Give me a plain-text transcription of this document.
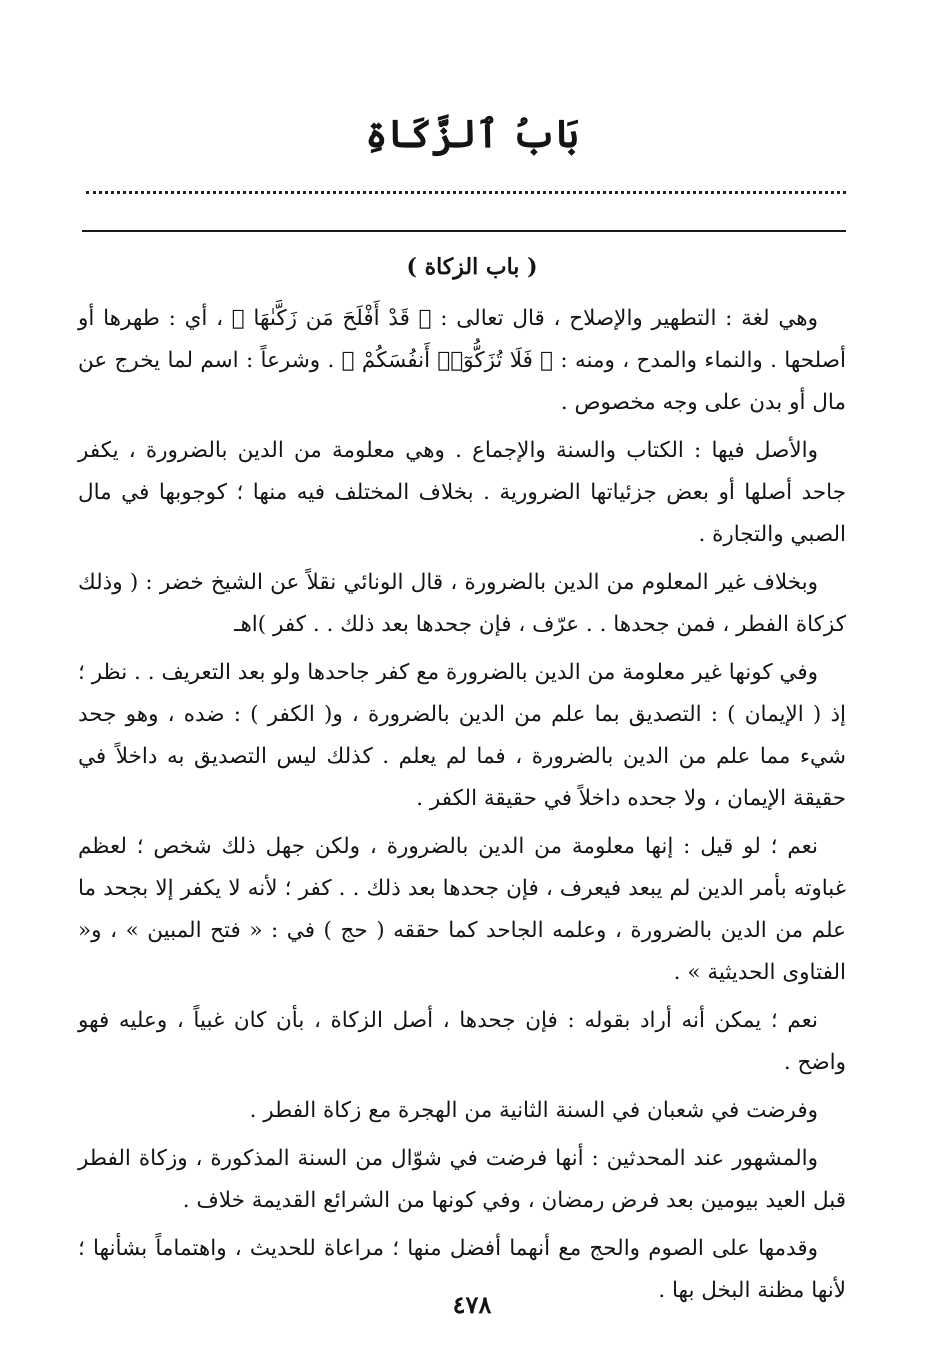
بَابُ ٱلزَّكَاةِ
( باب الزكاة )

وهي لغة : التطهير والإصلاح ، قال تعالى : ﴿ قَدْ أَفْلَحَ مَن زَكَّىٰهَا ﴾ ، أي : طهرها أو أصلحها . والنماء والمدح ، ومنه : ﴿ فَلَا تُزَكُّوٓا۟ أَنفُسَكُمْ ﴾ . وشرعاً : اسم لما يخرج عن مال أو بدن على وجه مخصوص .

والأصل فيها : الكتاب والسنة والإجماع . وهي معلومة من الدين بالضرورة ، يكفر جاحد أصلها أو بعض جزئياتها الضرورية . بخلاف المختلف فيه منها ؛ كوجوبها في مال الصبي والتجارة .

وبخلاف غير المعلوم من الدين بالضرورة ، قال الونائي نقلاً عن الشيخ خضر : ( وذلك كزكاة الفطر ، فمن جحدها . . عرّف ، فإن جحدها بعد ذلك . . كفر )اهـ

وفي كونها غير معلومة من الدين بالضرورة مع كفر جاحدها ولو بعد التعريف . . نظر ؛ إذ ( الإيمان ) : التصديق بما علم من الدين بالضرورة ، و( الكفر ) : ضده ، وهو جحد شيء مما علم من الدين بالضرورة ، فما لم يعلم . كذلك ليس التصديق به داخلاً في حقيقة الإيمان ، ولا جحده داخلاً في حقيقة الكفر .

نعم ؛ لو قيل : إنها معلومة من الدين بالضرورة ، ولكن جهل ذلك شخص ؛ لعظم غباوته بأمر الدين لم يبعد فيعرف ، فإن جحدها بعد ذلك . . كفر ؛ لأنه لا يكفر إلا بجحد ما علم من الدين بالضرورة ، وعلمه الجاحد كما حققه ( حج ) في : « فتح المبين » ، و« الفتاوى الحديثية » .

نعم ؛ يمكن أنه أراد بقوله : فإن جحدها ، أصل الزكاة ، بأن كان غبياً ، وعليه فهو واضح .

وفرضت في شعبان في السنة الثانية من الهجرة مع زكاة الفطر .

والمشهور عند المحدثين : أنها فرضت في شوّال من السنة المذكورة ، وزكاة الفطر قبل العيد بيومين بعد فرض رمضان ، وفي كونها من الشرائع القديمة خلاف .

وقدمها على الصوم والحج مع أنهما أفضل منها ؛ مراعاة للحديث ، واهتماماً بشأنها ؛ لأنها مظنة البخل بها .

٤٧٨
